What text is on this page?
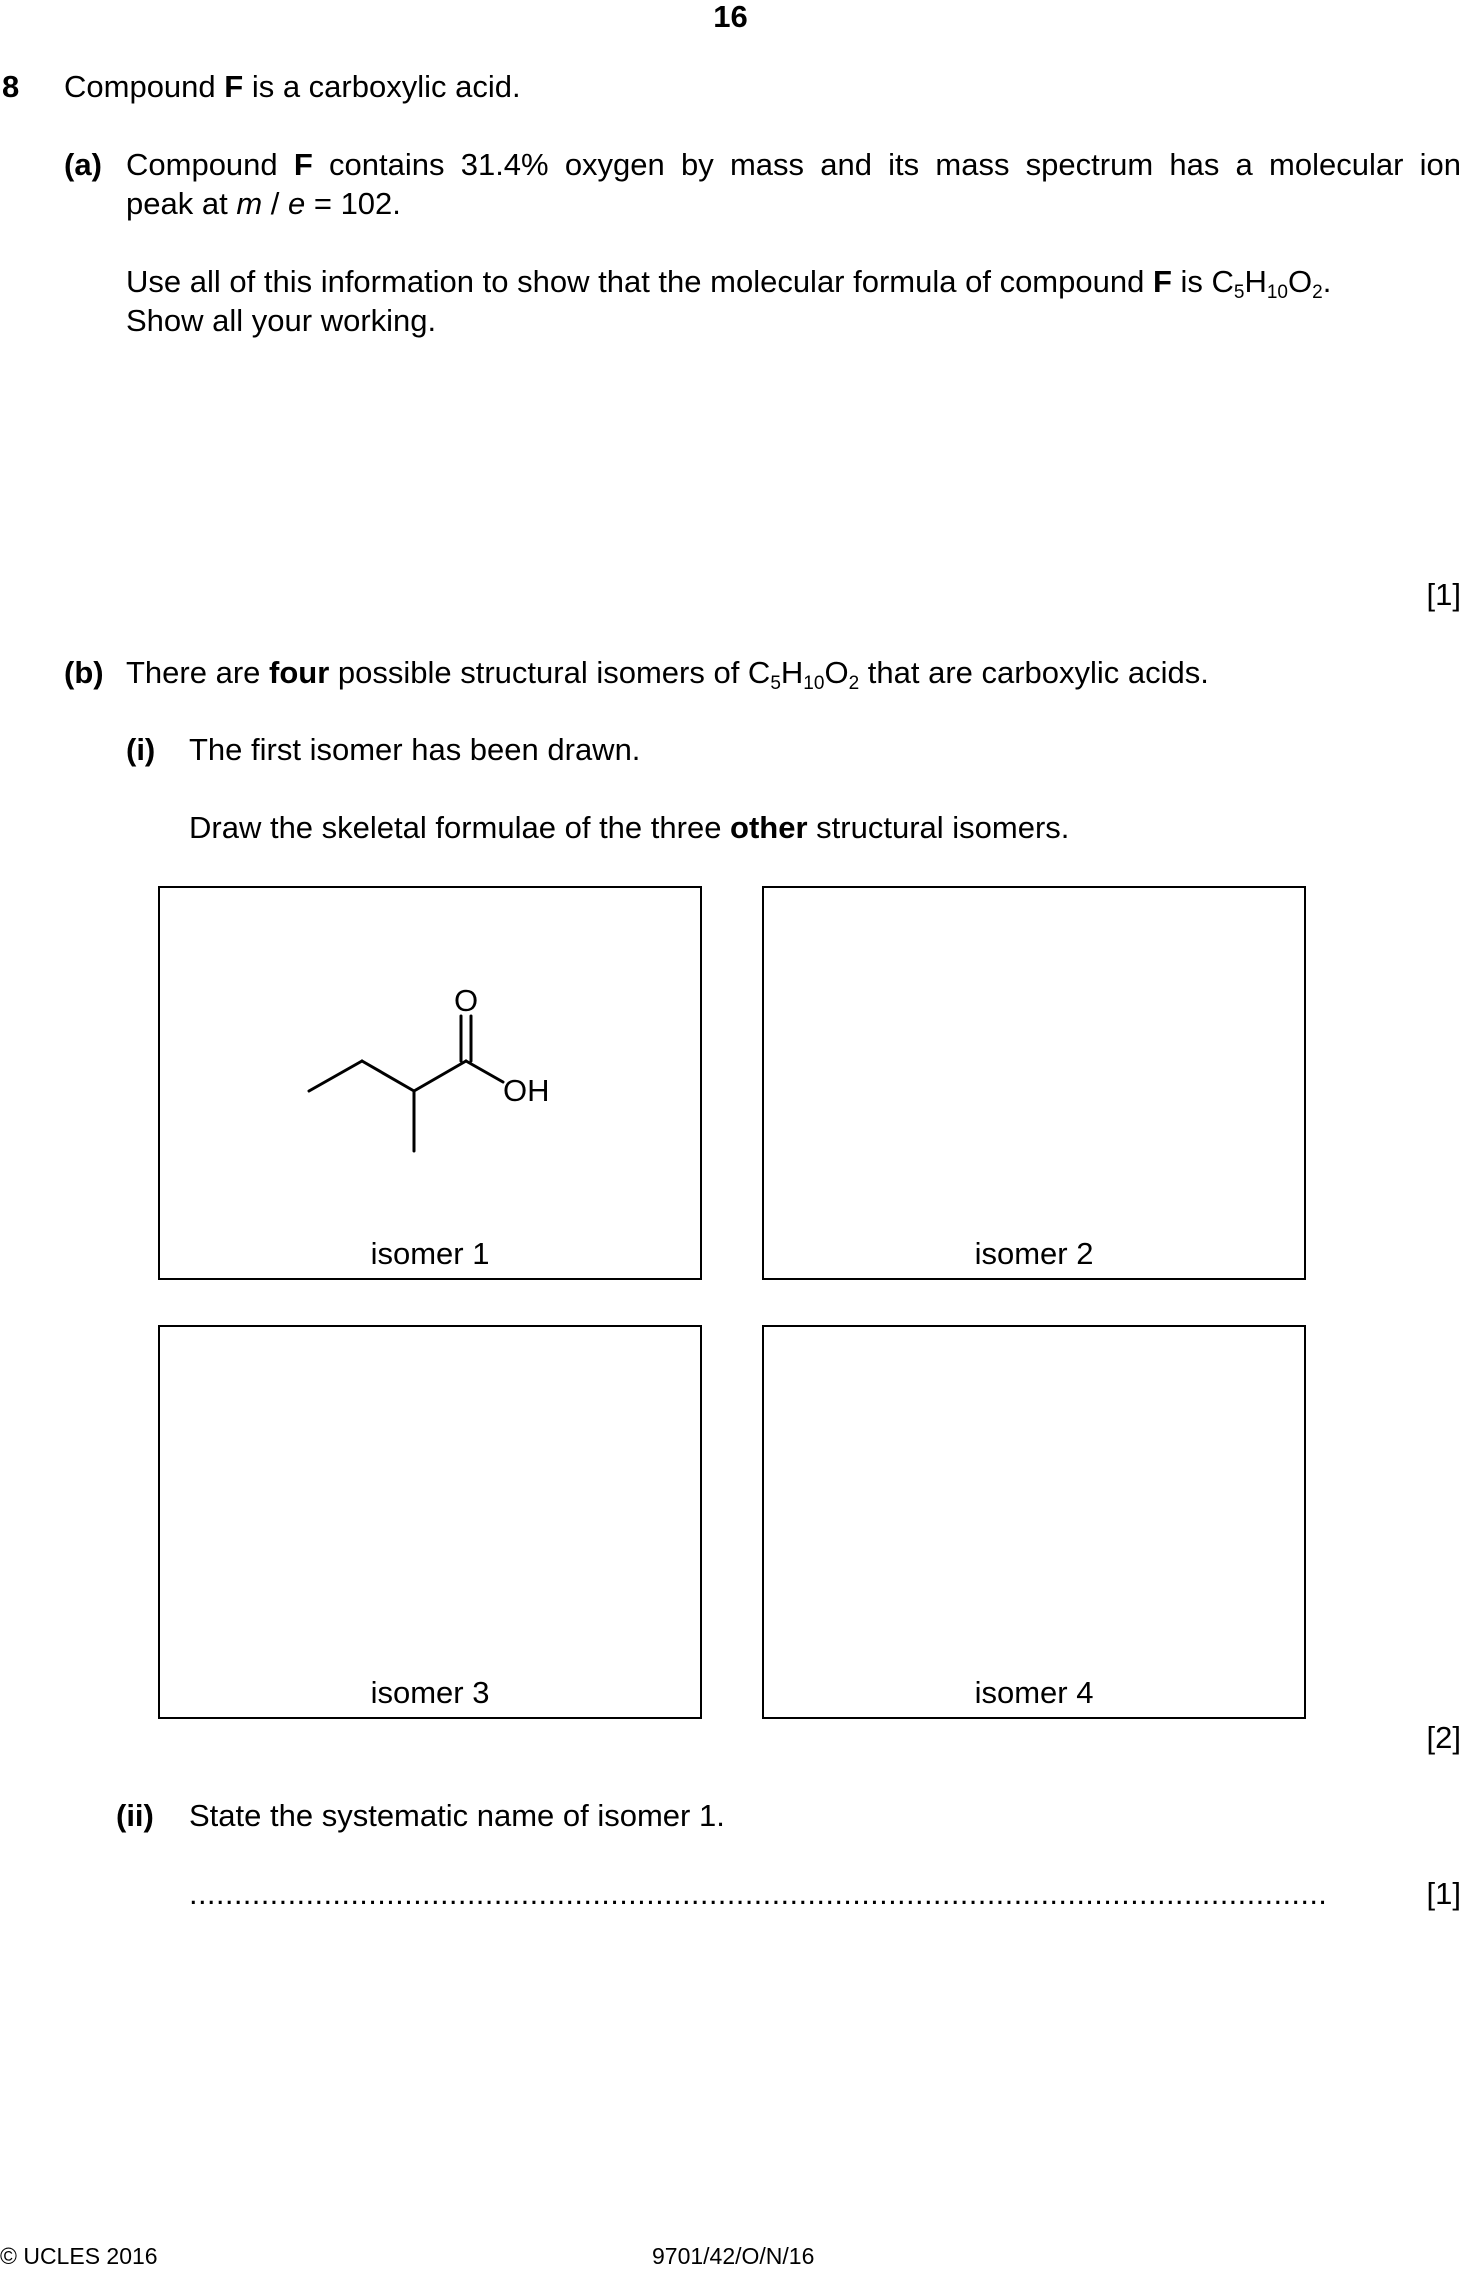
16
8 Compound F is a carboxylic acid.
(a) Compound F contains 31.4% oxygen by mass and its mass spectrum has a molecular ion
peak at m / e = 102.
Use all of this information to show that the molecular formula of compound F is $C_5H_{10}O_2$.
Show all your working.
[1]
(b) There are four possible structural isomers of $C_5H_{10}O_2$ that are carboxylic acids.
(i) The first isomer has been drawn.
Draw the skeletal formulae of the three other structural isomers.
O
OH
isomer 1	isomer 2
isomer 3	isomer 4
[2]
(ii) State the systematic name of isomer 1.
...............................................................................................................................	[1]
© UCLES 2016	9701/42/O/N/16
